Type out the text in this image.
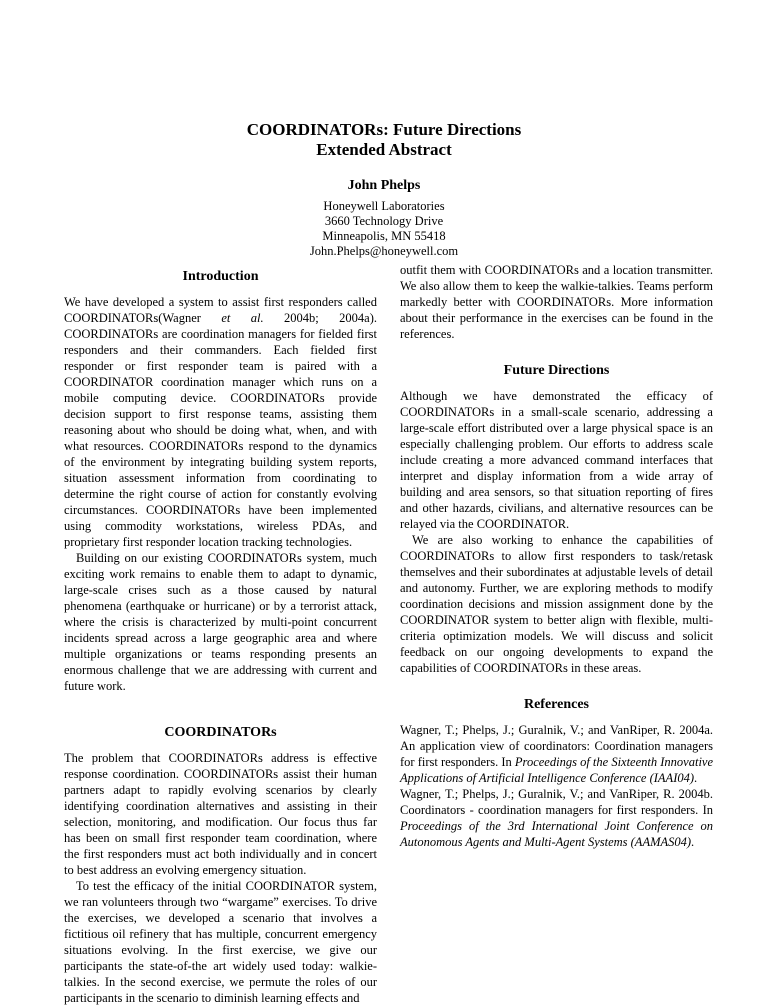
COORDINATORs: Future Directions
Extended Abstract
John Phelps
Honeywell Laboratories
3660 Technology Drive
Minneapolis, MN 55418
John.Phelps@honeywell.com
Introduction

We have developed a system to assist first responders called COORDINATORs(Wagner et al. 2004b; 2004a). COORDINATORs are coordination managers for fielded first responders and their commanders. Each fielded first responder or first responder team is paired with a COORDINATOR coordination manager which runs on a mobile computing device. COORDINATORs provide decision support to first response teams, assisting them reasoning about who should be doing what, when, and with what resources. COORDINATORs respond to the dynamics of the environment by integrating building system reports, situation assessment information from coordinating to determine the right course of action for constantly evolving circumstances. COORDINATORs have been implemented using commodity workstations, wireless PDAs, and proprietary first responder location tracking technologies.

Building on our existing COORDINATORs system, much exciting work remains to enable them to adapt to dynamic, large-scale crises such as a those caused by natural phenomena (earthquake or hurricane) or by a terrorist attack, where the crisis is characterized by multi-point concurrent incidents spread across a large geographic area and where multiple organizations or teams responding presents an enormous challenge that we are addressing with current and future work.

COORDINATORs

The problem that COORDINATORs address is effective response coordination. COORDINATORs assist their human partners adapt to rapidly evolving scenarios by clearly identifying coordination alternatives and assisting in their selection, monitoring, and modification. Our focus thus far has been on small first responder team coordination, where the first responders must act both individually and in concert to best address an evolving emergency situation.

To test the efficacy of the initial COORDINATOR system, we ran volunteers through two “wargame” exercises. To drive the exercises, we developed a scenario that involves a fictitious oil refinery that has multiple, concurrent emergency situations evolving. In the first exercise, we give our participants the state-of-the art widely used today: walkie-talkies. In the second exercise, we permute the roles of our participants in the scenario to diminish learning effects and

outfit them with COORDINATORs and a location transmitter. We also allow them to keep the walkie-talkies. Teams perform markedly better with COORDINATORs. More information about their performance in the exercises can be found in the references.

Future Directions

Although we have demonstrated the efficacy of COORDINATORs in a small-scale scenario, addressing a large-scale effort distributed over a large physical space is an especially challenging problem. Our efforts to address scale include creating a more advanced command interfaces that interpret and display information from a wide array of building and area sensors, so that situation reporting of fires and other hazards, civilians, and alternative resources can be relayed via the COORDINATOR.

We are also working to enhance the capabilities of COORDINATORs to allow first responders to task/retask themselves and their subordinates at adjustable levels of detail and autonomy. Further, we are exploring methods to modify coordination decisions and mission assignment done by the COORDINATOR system to better align with flexible, multi-criteria optimization models. We will discuss and solicit feedback on our ongoing developments to expand the capabilities of COORDINATORs in these areas.

References

Wagner, T.; Phelps, J.; Guralnik, V.; and VanRiper, R. 2004a. An application view of coordinators: Coordination managers for first responders. In Proceedings of the Sixteenth Innovative Applications of Artificial Intelligence Conference (IAAI04).

Wagner, T.; Phelps, J.; Guralnik, V.; and VanRiper, R. 2004b. Coordinators - coordination managers for first responders. In Proceedings of the 3rd International Joint Conference on Autonomous Agents and Multi-Agent Systems (AAMAS04).
